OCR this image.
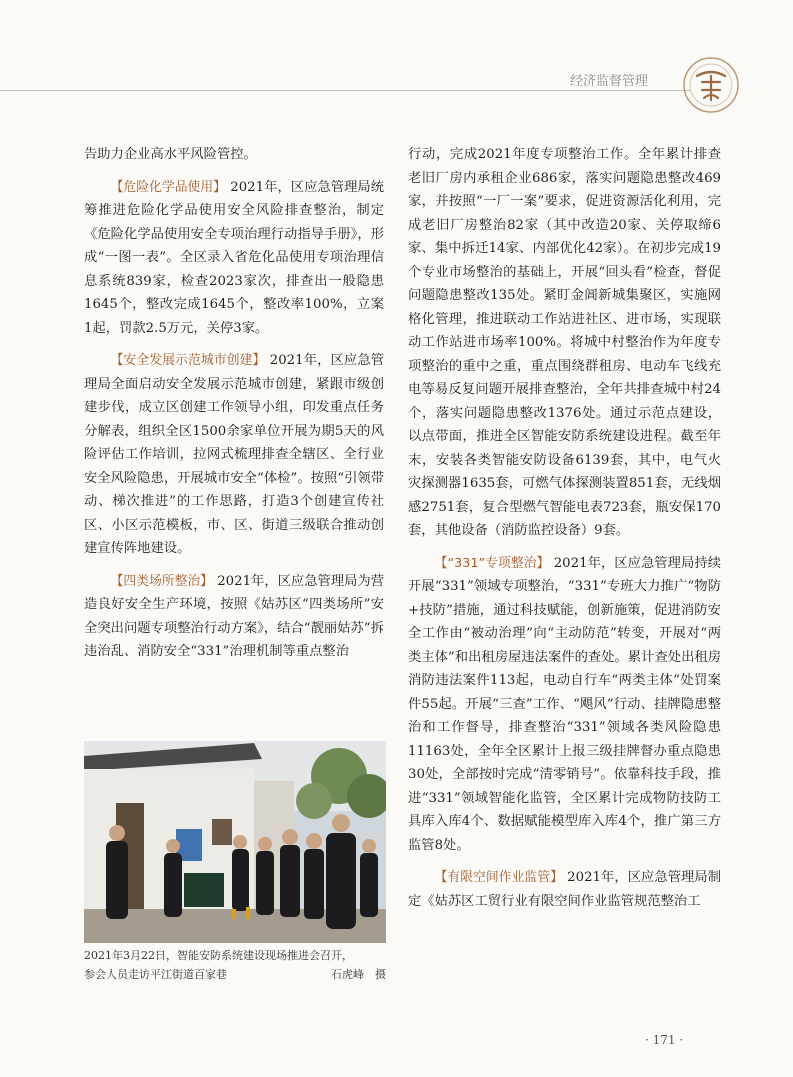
经济监督管理

告助力企业高水平风险管控。

【危险化学品使用】 2021年，区应急管理局统筹推进危险化学品使用安全风险排查整治，制定《危险化学品使用安全专项治理行动指导手册》，形成“一图一表”。全区录入省危化品使用专项治理信息系统839家，检查2023家次，排查出一般隐患1645个，整改完成1645个，整改率100%，立案1起，罚款2.5万元，关停3家。

【安全发展示范城市创建】 2021年，区应急管理局全面启动安全发展示范城市创建，紧跟市级创建步伐，成立区创建工作领导小组，印发重点任务分解表，组织全区1500余家单位开展为期5天的风险评估工作培训，拉网式梳理排查全辖区、全行业安全风险隐患，开展城市安全“体检”。按照“引领带动、梯次推进”的工作思路，打造3个创建宣传社区、小区示范模板，市、区、街道三级联合推动创建宣传阵地建设。

【四类场所整治】 2021年，区应急管理局为营造良好安全生产环境，按照《姑苏区“四类场所”安全突出问题专项整治行动方案》，结合“靓丽姑苏”拆违治乱、消防安全“331”治理机制等重点整治

2021年3月22日，智能安防系统建设现场推进会召开，
参会人员走访平江街道百家巷	石虎峰　摄

行动，完成2021年度专项整治工作。全年累计排查老旧厂房内承租企业686家，落实问题隐患整改469家，并按照“一厂一案”要求，促进资源活化利用，完成老旧厂房整治82家（其中改造20家、关停取缔6家、集中拆迁14家、内部优化42家）。在初步完成19个专业市场整治的基础上，开展“回头看”检查，督促问题隐患整改135处。紧盯金阊新城集聚区，实施网格化管理，推进联动工作站进社区、进市场，实现联动工作站进市场率100%。将城中村整治作为年度专项整治的重中之重，重点围绕群租房、电动车飞线充电等易反复问题开展排查整治，全年共排查城中村24个，落实问题隐患整改1376处。通过示范点建设，以点带面，推进全区智能安防系统建设进程。截至年末，安装各类智能安防设备6139套，其中，电气火灾探测器1635套，可燃气体探测装置851套，无线烟感2751套，复合型燃气智能电表723套，瓶安保170套，其他设备（消防监控设备）9套。

【“331”专项整治】 2021年，区应急管理局持续开展“331”领域专项整治，“331”专班大力推广“物防+技防”措施，通过科技赋能，创新施策，促进消防安全工作由“被动治理”向“主动防范”转变，开展对“两类主体”和出租房屋违法案件的查处。累计查处出租房消防违法案件113起，电动自行车“两类主体”处罚案件55起。开展“三查”工作、“飓风”行动、挂牌隐患整治和工作督导，排查整治“331”领域各类风险隐患11163处，全年全区累计上报三级挂牌督办重点隐患30处，全部按时完成“清零销号”。依靠科技手段，推进“331”领域智能化监管，全区累计完成物防技防工具库入库4个、数据赋能模型库入库4个，推广第三方监管8处。

【有限空间作业监管】 2021年，区应急管理局制定《姑苏区工贸行业有限空间作业监管规范整治工

· 171 ·
